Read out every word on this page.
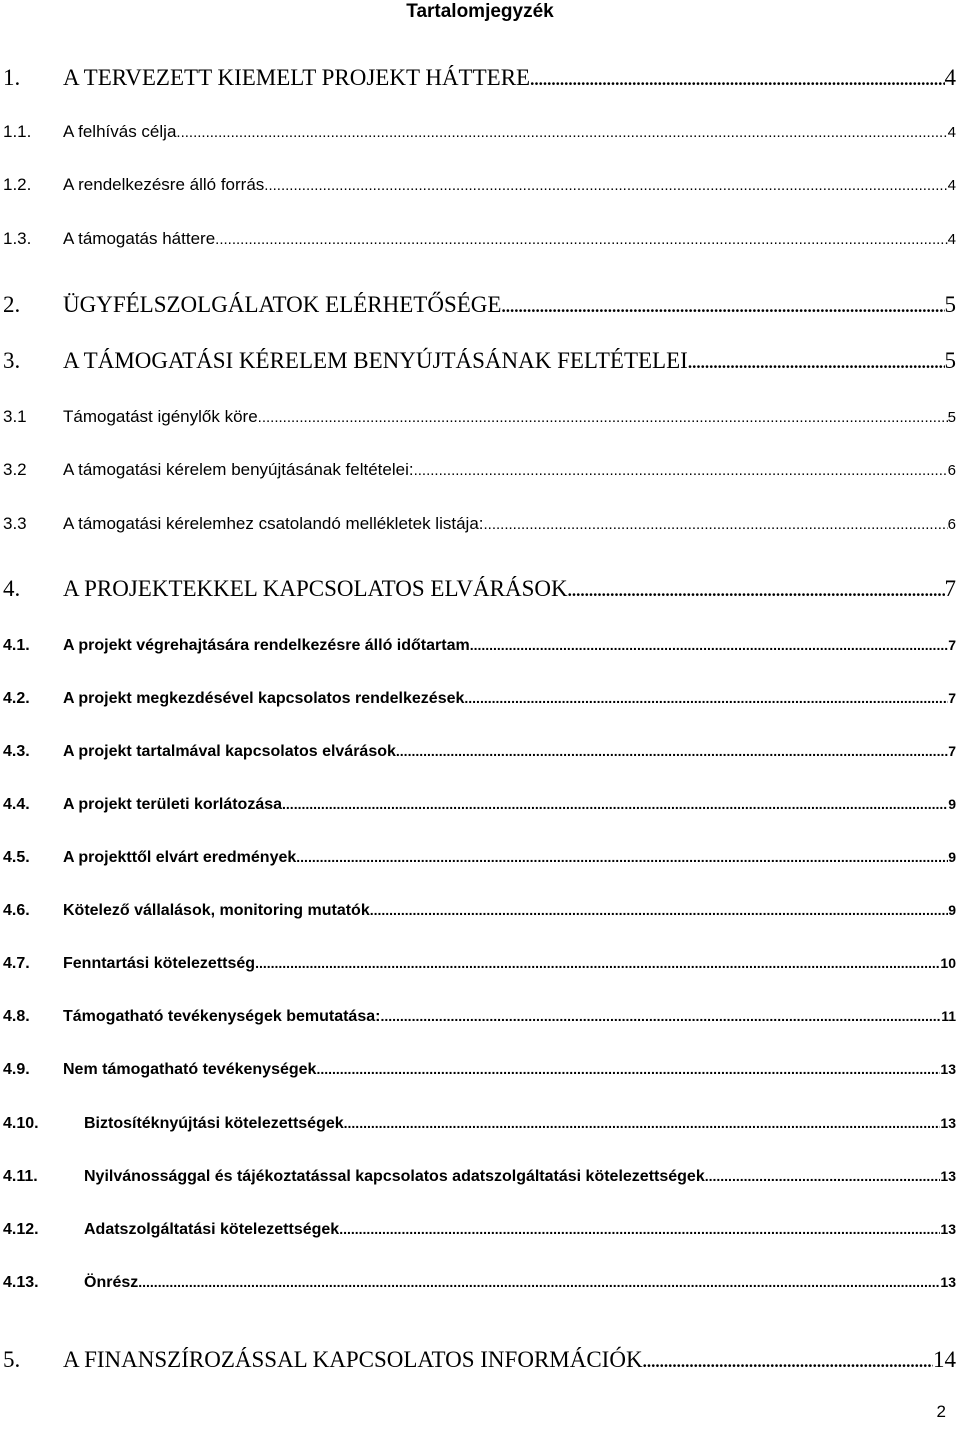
Tartalomjegyzék
1.	A TERVEZETT KIEMELT PROJEKT HÁTTERE .....	4
1.1.	A felhívás célja .....	4
1.2.	A rendelkezésre álló forrás .....	4
1.3.	A támogatás háttere .....	4
2.	ÜGYFÉLSZOLGÁLATOK ELÉRHETŐSÉGE .....	5
3.	A TÁMOGATÁSI KÉRELEM BENYÚJTÁSÁNAK FELTÉTELEI .....	5
3.1	Támogatást igénylők köre .....	5
3.2	A támogatási kérelem benyújtásának feltételei: .....	6
3.3	A támogatási kérelemhez csatolandó mellékletek listája: .....	6
4.	A PROJEKTEKKEL KAPCSOLATOS ELVÁRÁSOK .....	7
4.1.	A projekt végrehajtására rendelkezésre álló időtartam .....	7
4.2.	A projekt megkezdésével kapcsolatos rendelkezések .....	7
4.3.	A projekt tartalmával kapcsolatos elvárások .....	7
4.4.	A projekt területi korlátozása .....	9
4.5.	A projekttől elvárt eredmények .....	9
4.6.	Kötelező vállalások, monitoring mutatók .....	9
4.7.	Fenntartási kötelezettség .....	10
4.8.	Támogatható tevékenységek bemutatása: .....	11
4.9.	Nem támogatható tevékenységek .....	13
4.10.	Biztosítéknyújtási kötelezettségek .....	13
4.11.	Nyilvánossággal és tájékoztatással kapcsolatos adatszolgáltatási kötelezettségek .....	13
4.12.	Adatszolgáltatási kötelezettségek .....	13
4.13.	Önrész .....	13
5.	A FINANSZÍROZÁSSAL KAPCSOLATOS INFORMÁCIÓK .....	14
2
